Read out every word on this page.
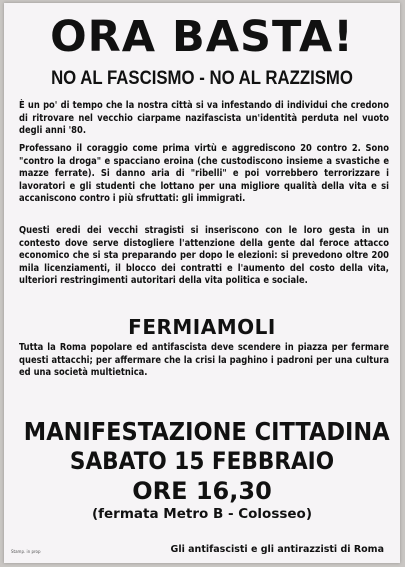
ORA BASTA!
NO AL FASCISMO - NO AL RAZZISMO

È un po' di tempo che la nostra città si va infestando di individui che credono di ritrovare nel vecchio ciarpame nazifascista un'identità perduta nel vuoto degli anni '80.

Professano il coraggio come prima virtù e aggrediscono 20 contro 2. Sono "contro la droga" e spacciano eroina (che custodiscono insieme a svastiche e mazze ferrate). Si danno aria di "ribelli" e poi vorrebbero terrorizzare i lavoratori e gli studenti che lottano per una migliore qualità della vita e si accaniscono contro i più sfruttati: gli immigrati.

Questi eredi dei vecchi stragisti si inseriscono con le loro gesta in un contesto dove serve distogliere l'attenzione della gente dal feroce attacco economico che si sta preparando per dopo le elezioni: si prevedono oltre 200 mila licenziamenti, il blocco dei contratti e l'aumento del costo della vita, ulteriori restringimenti autoritari della vita politica e sociale.

FERMIAMOLI

Tutta la Roma popolare ed antifascista deve scendere in piazza per fermare questi attacchi; per affermare che la crisi la paghino i padroni per una cultura ed una società multietnica.

MANIFESTAZIONE CITTADINA
SABATO 15 FEBBRAIO
ORE 16,30
(fermata Metro B - Colosseo)
Stamp. in prop	Gli antifascisti e gli antirazzisti di Roma
